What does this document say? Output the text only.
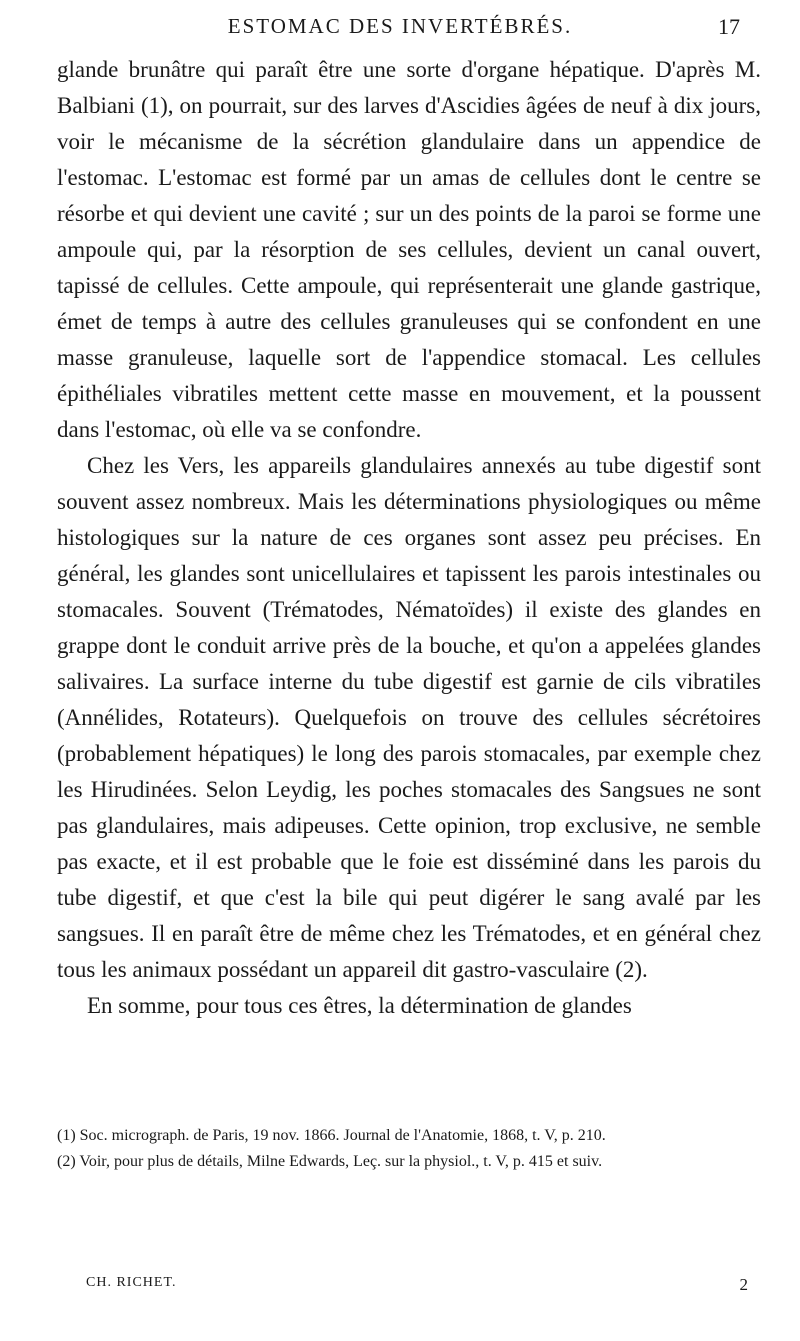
ESTOMAC DES INVERTÉBRÉS.	17

glande brunâtre qui paraît être une sorte d'organe hépatique. D'après M. Balbiani (1), on pourrait, sur des larves d'Ascidies âgées de neuf à dix jours, voir le mécanisme de la sécrétion glandulaire dans un appendice de l'estomac. L'estomac est formé par un amas de cellules dont le centre se résorbe et qui devient une cavité ; sur un des points de la paroi se forme une ampoule qui, par la résorption de ses cellules, devient un canal ouvert, tapissé de cellules. Cette ampoule, qui représenterait une glande gastrique, émet de temps à autre des cellules granuleuses qui se confondent en une masse granuleuse, laquelle sort de l'appendice stomacal. Les cellules épithéliales vibratiles mettent cette masse en mouvement, et la poussent dans l'estomac, où elle va se confondre.

Chez les Vers, les appareils glandulaires annexés au tube digestif sont souvent assez nombreux. Mais les déterminations physiologiques ou même histologiques sur la nature de ces organes sont assez peu précises. En général, les glandes sont unicellulaires et tapissent les parois intestinales ou stomacales. Souvent (Trématodes, Nématoïdes) il existe des glandes en grappe dont le conduit arrive près de la bouche, et qu'on a appelées glandes salivaires. La surface interne du tube digestif est garnie de cils vibratiles (Annélides, Rotateurs). Quelquefois on trouve des cellules sécrétoires (probablement hépatiques) le long des parois stomacales, par exemple chez les Hirudinées. Selon Leydig, les poches stomacales des Sangsues ne sont pas glandulaires, mais adipeuses. Cette opinion, trop exclusive, ne semble pas exacte, et il est probable que le foie est disséminé dans les parois du tube digestif, et que c'est la bile qui peut digérer le sang avalé par les sangsues. Il en paraît être de même chez les Trématodes, et en général chez tous les animaux possédant un appareil dit gastro-vasculaire (2).

En somme, pour tous ces êtres, la détermination de glandes

(1) Soc. micrograph. de Paris, 19 nov. 1866. Journal de l'Anatomie, 1868, t. V, p. 210.

(2) Voir, pour plus de détails, Milne Edwards, Leç. sur la physiol., t. V, p. 415 et suiv.

CH. RICHET.	2
